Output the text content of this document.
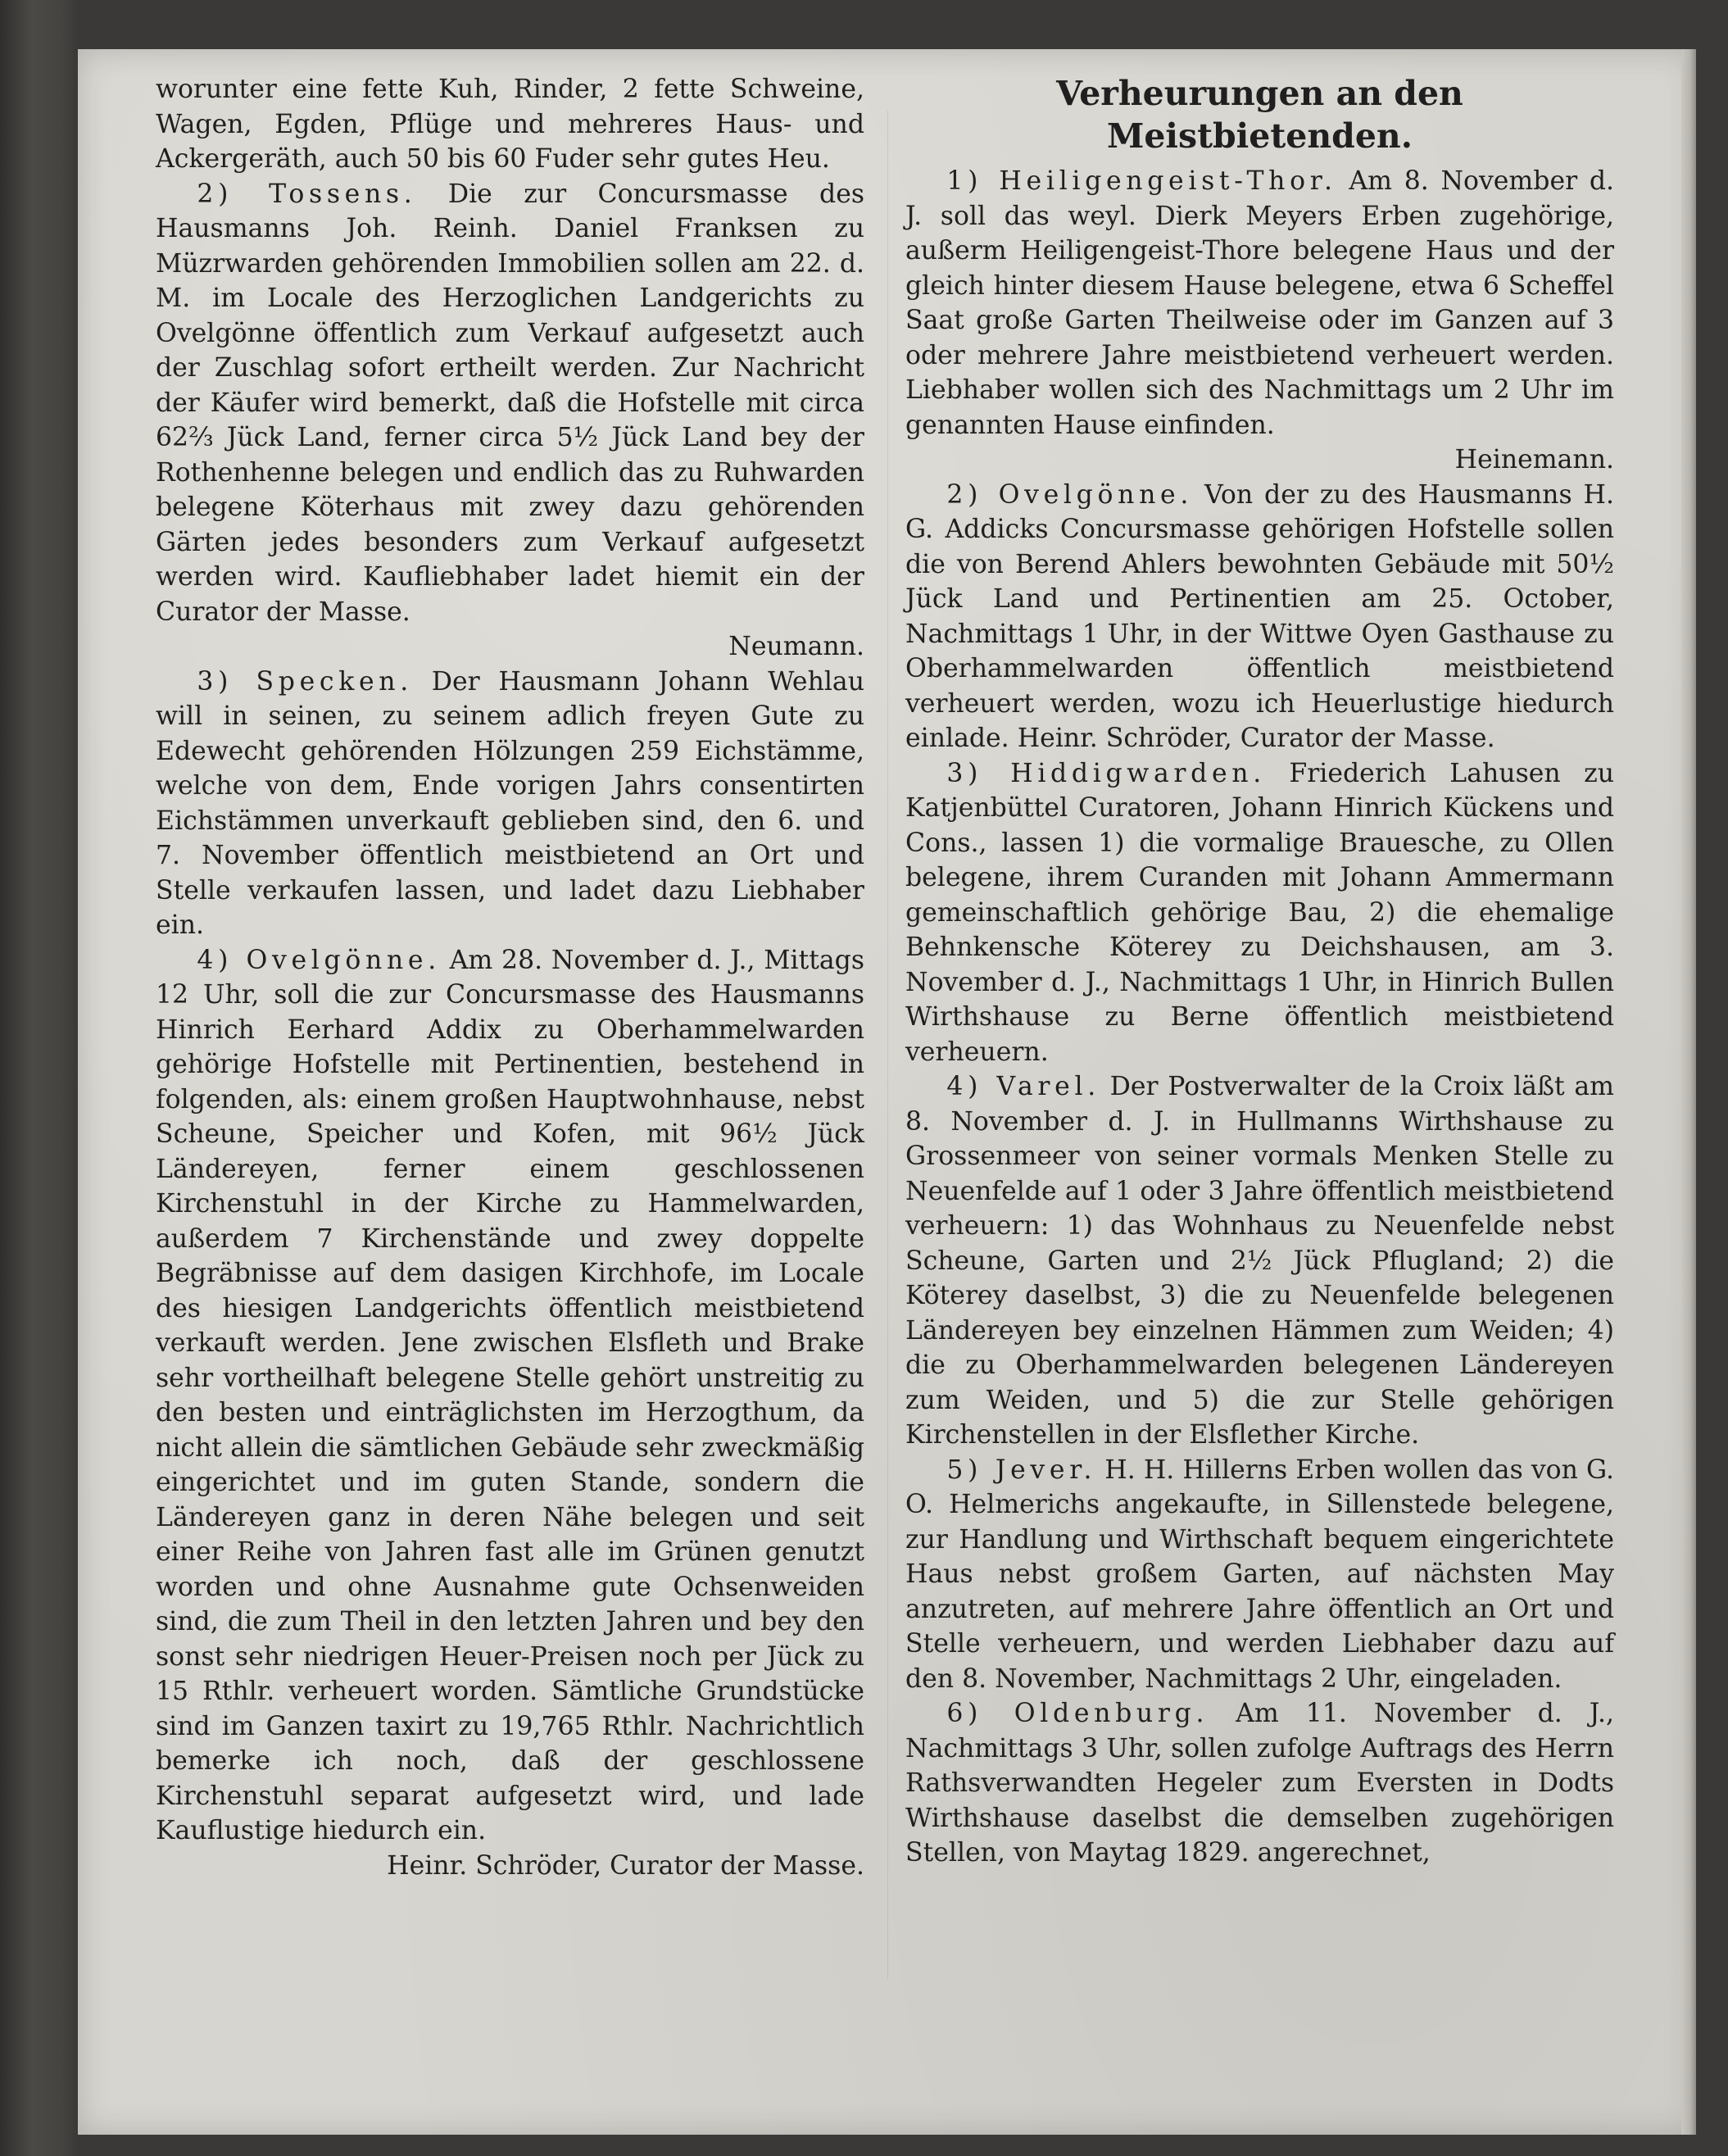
worunter eine fette Kuh, Rinder, 2 fette Schweine, Wagen, Egden, Pflüge und mehreres Haus- und Ackergeräth, auch 50 bis 60 Fuder sehr gutes Heu.

2) Tossens. Die zur Concursmasse des Hausmanns Joh. Reinh. Daniel Franksen zu Müzrwarden gehörenden Immobilien sollen am 22. d. M. im Locale des Herzoglichen Landgerichts zu Ovelgönne öffentlich zum Verkauf aufgesetzt auch der Zuschlag sofort ertheilt werden. Zur Nachricht der Käufer wird bemerkt, daß die Hofstelle mit circa 62⅔ Jück Land, ferner circa 5½ Jück Land bey der Rothenhenne belegen und endlich das zu Ruhwarden belegene Köterhaus mit zwey dazu gehörenden Gärten jedes besonders zum Verkauf aufgesetzt werden wird. Kaufliebhaber ladet hiemit ein der Curator der Masse.

Neumann.

3) Specken. Der Hausmann Johann Wehlau will in seinen, zu seinem adlich freyen Gute zu Edewecht gehörenden Hölzungen 259 Eichstämme, welche von dem, Ende vorigen Jahrs consentirten Eichstämmen unverkauft geblieben sind, den 6. und 7. November öffentlich meistbietend an Ort und Stelle verkaufen lassen, und ladet dazu Liebhaber ein.

4) Ovelgönne. Am 28. November d. J., Mittags 12 Uhr, soll die zur Concursmasse des Hausmanns Hinrich Eerhard Addix zu Oberhammelwarden gehörige Hofstelle mit Pertinentien, bestehend in folgenden, als: einem großen Hauptwohnhause, nebst Scheune, Speicher und Kofen, mit 96½ Jück Ländereyen, ferner einem geschlossenen Kirchenstuhl in der Kirche zu Hammelwarden, außerdem 7 Kirchenstände und zwey doppelte Begräbnisse auf dem dasigen Kirchhofe, im Locale des hiesigen Landgerichts öffentlich meistbietend verkauft werden. Jene zwischen Elsfleth und Brake sehr vortheilhaft belegene Stelle gehört unstreitig zu den besten und einträglichsten im Herzogthum, da nicht allein die sämtlichen Gebäude sehr zweckmäßig eingerichtet und im guten Stande, sondern die Ländereyen ganz in deren Nähe belegen und seit einer Reihe von Jahren fast alle im Grünen genutzt worden und ohne Ausnahme gute Ochsenweiden sind, die zum Theil in den letzten Jahren und bey den sonst sehr niedrigen Heuer-Preisen noch per Jück zu 15 Rthlr. verheuert worden. Sämtliche Grundstücke sind im Ganzen taxirt zu 19,765 Rthlr. Nachrichtlich bemerke ich noch, daß der geschlossene Kirchenstuhl separat aufgesetzt wird, und lade Kauflustige hiedurch ein.

Heinr. Schröder, Curator der Masse.

Verheurungen an den Meistbietenden.

1) Heiligengeist-Thor. Am 8. November d. J. soll das weyl. Dierk Meyers Erben zugehörige, außerm Heiligengeist-Thore belegene Haus und der gleich hinter diesem Hause belegene, etwa 6 Scheffel Saat große Garten Theilweise oder im Ganzen auf 3 oder mehrere Jahre meistbietend verheuert werden. Liebhaber wollen sich des Nachmittags um 2 Uhr im genannten Hause einfinden.

Heinemann.

2) Ovelgönne. Von der zu des Hausmanns H. G. Addicks Concursmasse gehörigen Hofstelle sollen die von Berend Ahlers bewohnten Gebäude mit 50½ Jück Land und Pertinentien am 25. October, Nachmittags 1 Uhr, in der Wittwe Oyen Gasthause zu Oberhammelwarden öffentlich meistbietend verheuert werden, wozu ich Heuerlustige hiedurch einlade. Heinr. Schröder, Curator der Masse.

3) Hiddigwarden. Friederich Lahusen zu Katjenbüttel Curatoren, Johann Hinrich Kückens und Cons., lassen 1) die vormalige Brauesche, zu Ollen belegene, ihrem Curanden mit Johann Ammermann gemeinschaftlich gehörige Bau, 2) die ehemalige Behnkensche Köterey zu Deichshausen, am 3. November d. J., Nachmittags 1 Uhr, in Hinrich Bullen Wirthshause zu Berne öffentlich meistbietend verheuern.

4) Varel. Der Postverwalter de la Croix läßt am 8. November d. J. in Hullmanns Wirthshause zu Grossenmeer von seiner vormals Menken Stelle zu Neuenfelde auf 1 oder 3 Jahre öffentlich meistbietend verheuern: 1) das Wohnhaus zu Neuenfelde nebst Scheune, Garten und 2½ Jück Pflugland; 2) die Köterey daselbst, 3) die zu Neuenfelde belegenen Ländereyen bey einzelnen Hämmen zum Weiden; 4) die zu Oberhammelwarden belegenen Ländereyen zum Weiden, und 5) die zur Stelle gehörigen Kirchenstellen in der Elsflether Kirche.

5) Jever. H. H. Hillerns Erben wollen das von G. O. Helmerichs angekaufte, in Sillenstede belegene, zur Handlung und Wirthschaft bequem eingerichtete Haus nebst großem Garten, auf nächsten May anzutreten, auf mehrere Jahre öffentlich an Ort und Stelle verheuern, und werden Liebhaber dazu auf den 8. November, Nachmittags 2 Uhr, eingeladen.

6) Oldenburg. Am 11. November d. J., Nachmittags 3 Uhr, sollen zufolge Auftrags des Herrn Rathsverwandten Hegeler zum Eversten in Dodts Wirthshause daselbst die demselben zugehörigen Stellen, von Maytag 1829. angerechnet,
